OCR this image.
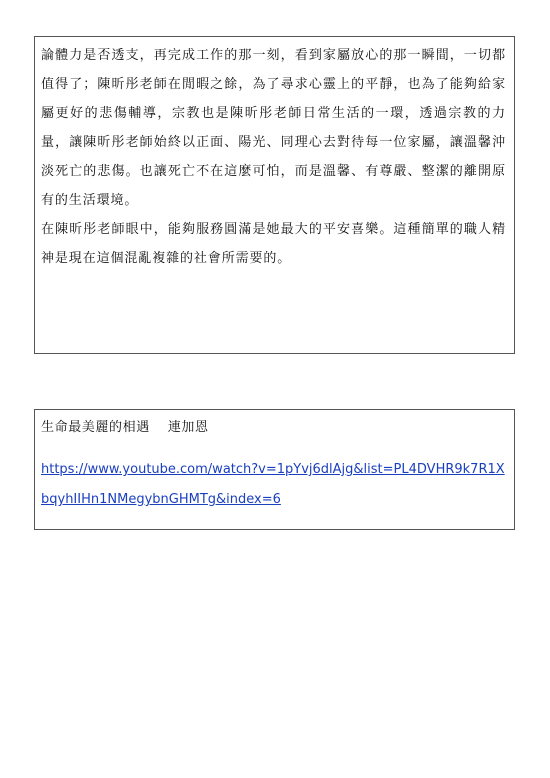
論體力是否透支，再完成工作的那一刻，看到家屬放心的那一瞬間，一切都值得了；陳昕彤老師在閒暇之餘，為了尋求心靈上的平靜，也為了能夠給家屬更好的悲傷輔導，宗教也是陳昕彤老師日常生活的一環，透過宗教的力量，讓陳昕彤老師始終以正面、陽光、同理心去對待每一位家屬，讓溫馨沖淡死亡的悲傷。也讓死亡不在這麼可怕，而是溫馨、有尊嚴、整潔的離開原有的生活環境。

在陳昕彤老師眼中，能夠服務圓滿是她最大的平安喜樂。這種簡單的職人精神是現在這個混亂複雜的社會所需要的。

生命最美麗的相遇 連加恩
https://www.youtube.com/watch?v=1pYvj6dlAjg&list=PL4DVHR9k7R1XbqyhIIHn1NMegybnGHMTg&index=6
